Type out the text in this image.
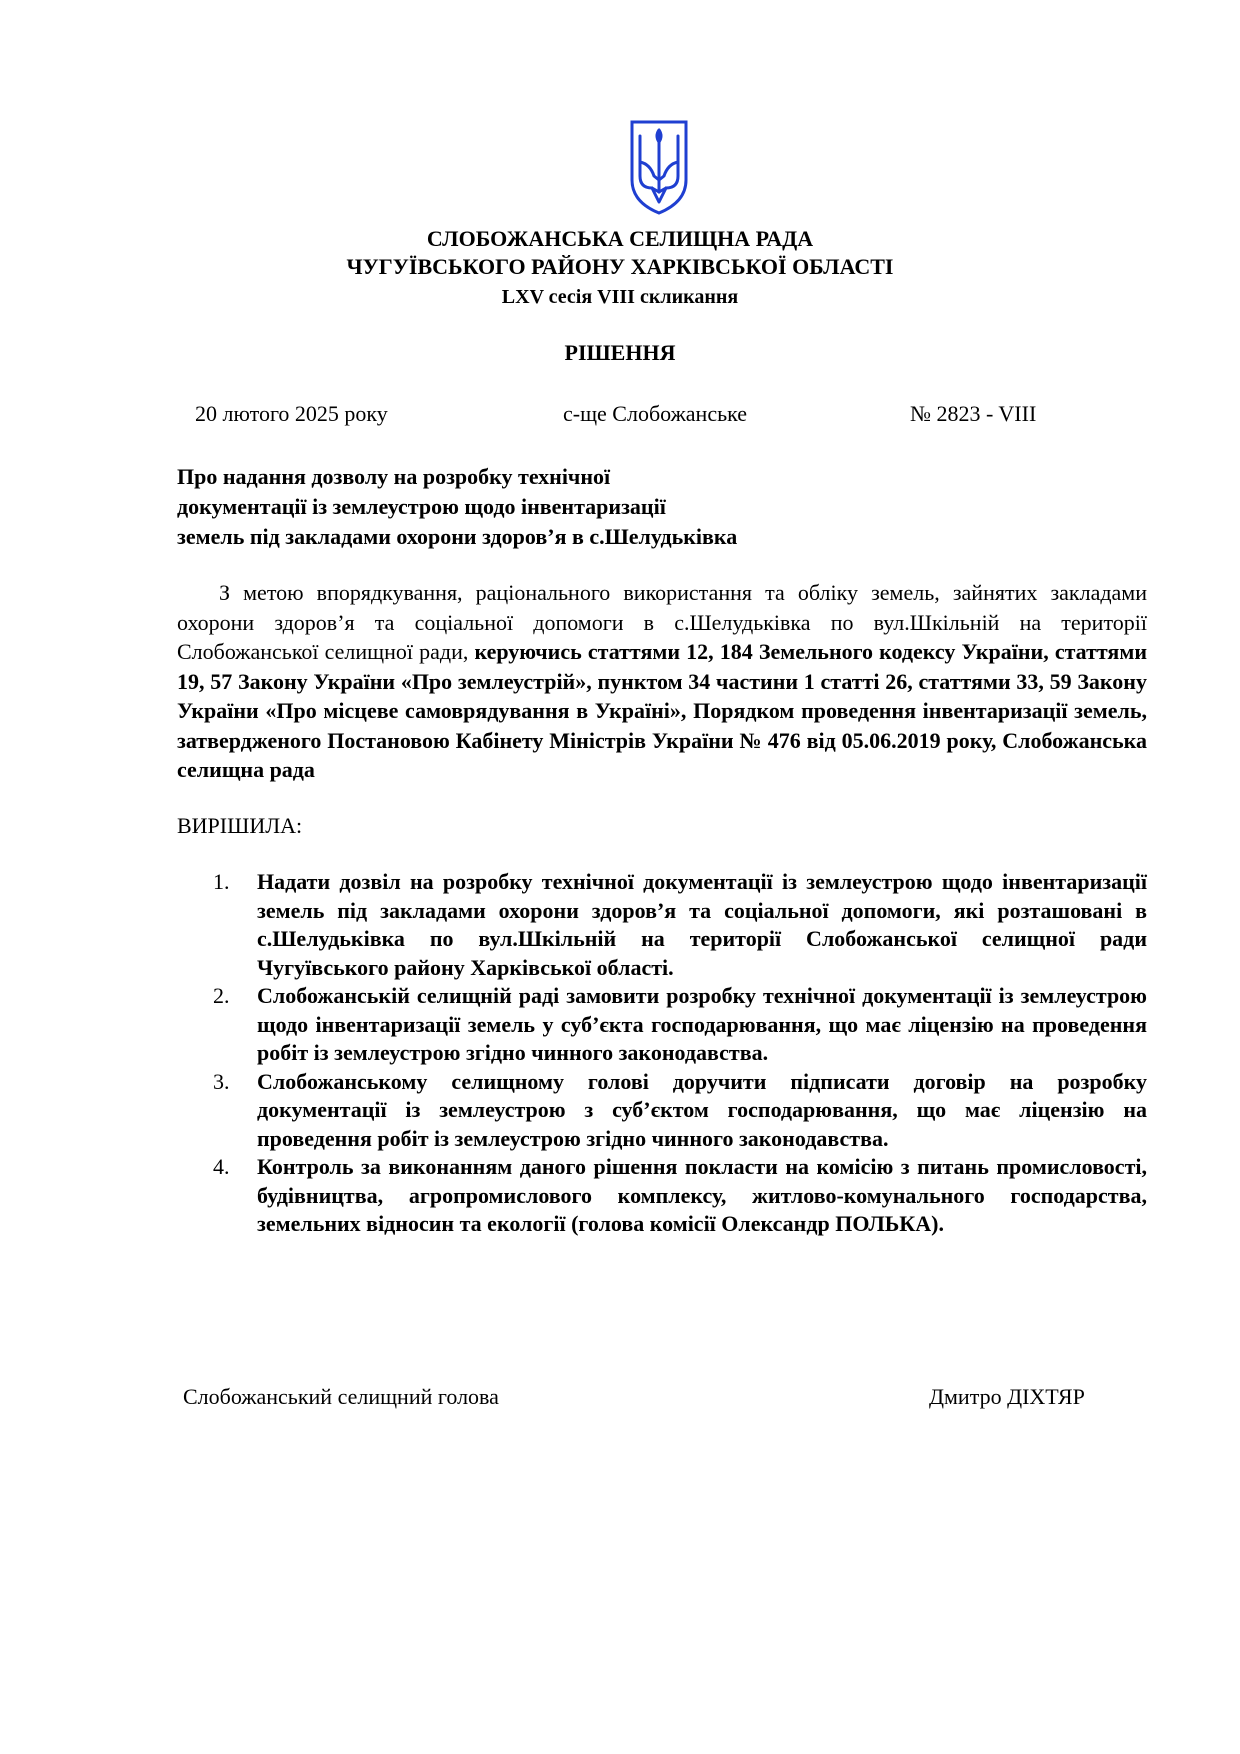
СЛОБОЖАНСЬКА СЕЛИЩНА РАДА
ЧУГУЇВСЬКОГО РАЙОНУ ХАРКІВСЬКОЇ ОБЛАСТІ
LXV сесія VIII скликання
РІШЕННЯ
20 лютого 2025 року	с-ще Слобожанське	№ 2823 - VIII
Про надання дозволу на розробку технічної
документації із землеустрою щодо інвентаризації
земель під закладами охорони здоров’я в с.Шелудьківка

З метою впорядкування, раціонального використання та обліку земель, зайнятих закладами охорони здоров’я та соціальної допомоги в с.Шелудьківка по вул.Шкільній на території Слобожанської селищної ради, керуючись статтями 12, 184 Земельного кодексу України, статтями 19, 57 Закону України «Про землеустрій», пунктом 34 частини 1 статті 26, статтями 33, 59 Закону України «Про місцеве самоврядування в Україні», Порядком проведення інвентаризації земель, затвердженого Постановою Кабінету Міністрів України № 476 від 05.06.2019 року, Слобожанська селищна рада

ВИРІШИЛА:
1. Надати дозвіл на розробку технічної документації із землеустрою щодо інвентаризації земель під закладами охорони здоров’я та соціальної допомоги, які розташовані в с.Шелудьківка по вул.Шкільній на території Слобожанської селищної ради Чугуївського району Харківської області.
2. Слобожанській селищній раді замовити розробку технічної документації із землеустрою щодо інвентаризації земель у суб’єкта господарювання, що має ліцензію на проведення робіт із землеустрою згідно чинного законодавства.
3. Слобожанському селищному голові доручити підписати договір на розробку документації із землеустрою з суб’єктом господарювання, що має ліцензію на проведення робіт із землеустрою згідно чинного законодавства.
4. Контроль за виконанням даного рішення покласти на комісію з питань промисловості, будівництва, агропромислового комплексу, житлово-комунального господарства, земельних відносин та екології (голова комісії Олександр ПОЛЬКА).
Слобожанський селищний голова	Дмитро ДІХТЯР
